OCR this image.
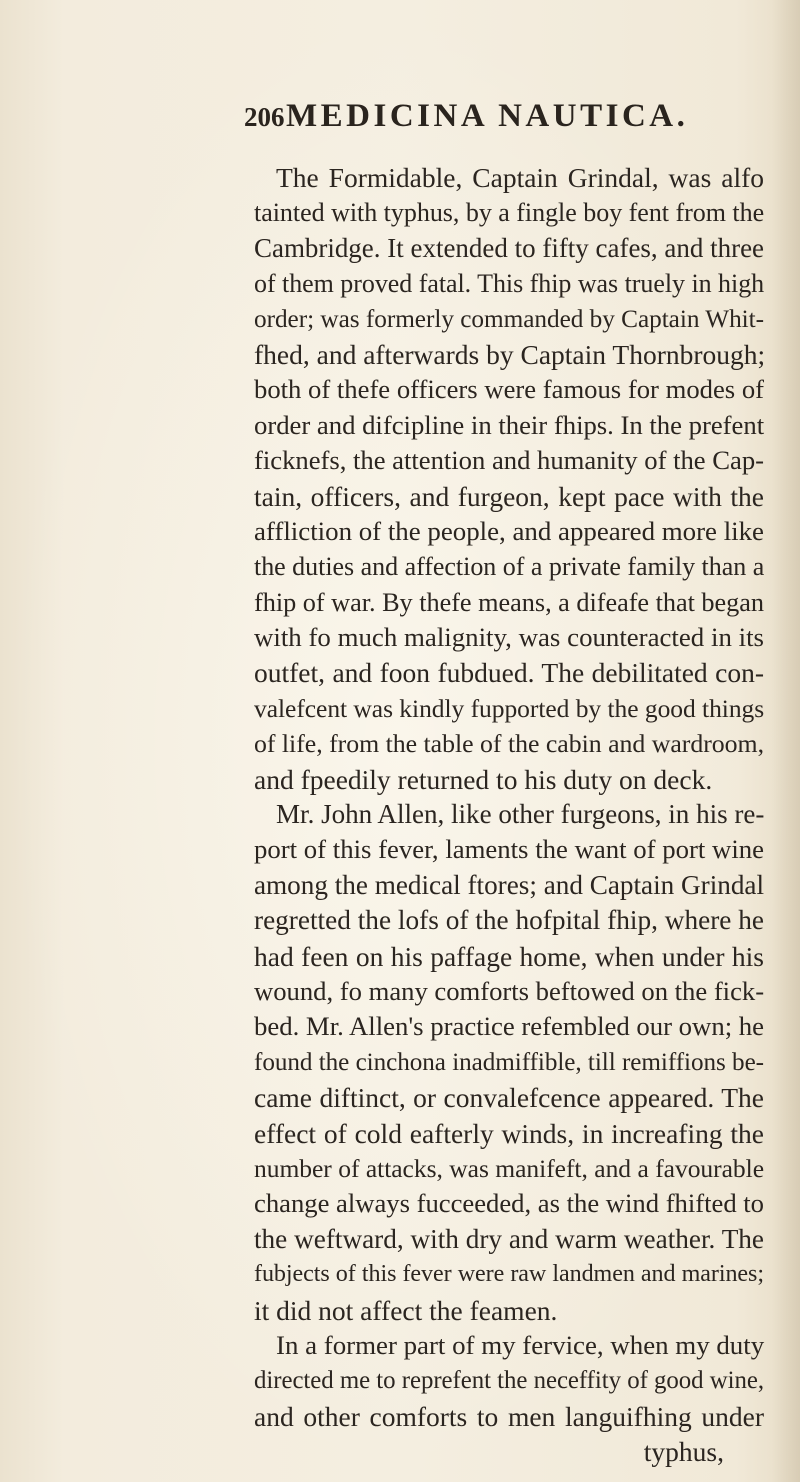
206 MEDICINA NAUTICA.
The Formidable, Captain Grindal, was alfo
tainted with typhus, by a fingle boy fent from the
Cambridge. It extended to fifty cafes, and three
of them proved fatal. This fhip was truely in high
order; was formerly commanded by Captain Whit-
fhed, and afterwards by Captain Thornbrough;
both of thefe officers were famous for modes of
order and difcipline in their fhips. In the prefent
ficknefs, the attention and humanity of the Cap-
tain, officers, and furgeon, kept pace with the
affliction of the people, and appeared more like
the duties and affection of a private family than a
fhip of war. By thefe means, a difeafe that began
with fo much malignity, was counteracted in its
outfet, and foon fubdued. The debilitated con-
valefcent was kindly fupported by the good things
of life, from the table of the cabin and wardroom,
and fpeedily returned to his duty on deck.
Mr. John Allen, like other furgeons, in his re-
port of this fever, laments the want of port wine
among the medical ftores; and Captain Grindal
regretted the lofs of the hofpital fhip, where he
had feen on his paffage home, when under his
wound, fo many comforts beftowed on the fick-
bed. Mr. Allen's practice refembled our own; he
found the cinchona inadmiffible, till remiffions be-
came diftinct, or convalefcence appeared. The
effect of cold eafterly winds, in increafing the
number of attacks, was manifeft, and a favourable
change always fucceeded, as the wind fhifted to
the weftward, with dry and warm weather. The
fubjects of this fever were raw landmen and marines;
it did not affect the feamen.
In a former part of my fervice, when my duty
directed me to reprefent the neceffity of good wine,
and other comforts to men languifhing under
typhus,
